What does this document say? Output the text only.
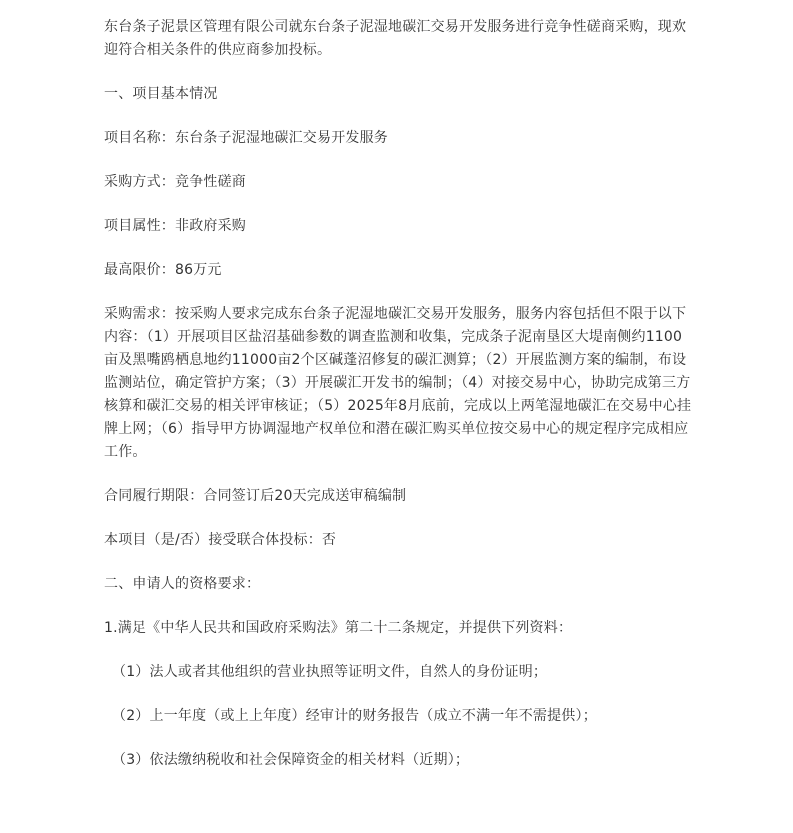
东台条子泥景区管理有限公司就东台条子泥湿地碳汇交易开发服务进行竞争性磋商采购，现欢迎符合相关条件的供应商参加投标。

一、项目基本情况

项目名称：东台条子泥湿地碳汇交易开发服务

采购方式：竞争性磋商

项目属性：非政府采购

最高限价：86万元

采购需求：按采购人要求完成东台条子泥湿地碳汇交易开发服务，服务内容包括但不限于以下内容：（1）开展项目区盐沼基础参数的调查监测和收集，完成条子泥南垦区大堤南侧约1100亩及黑嘴鸥栖息地约11000亩2个区碱蓬沼修复的碳汇测算；（2）开展监测方案的编制，布设监测站位，确定管护方案；（3）开展碳汇开发书的编制；（4）对接交易中心，协助完成第三方核算和碳汇交易的相关评审核证；（5）2025年8月底前，完成以上两笔湿地碳汇在交易中心挂牌上网；（6）指导甲方协调湿地产权单位和潜在碳汇购买单位按交易中心的规定程序完成相应工作。

合同履行期限：合同签订后20天完成送审稿编制

本项目（是/否）接受联合体投标：否

二、申请人的资格要求：

1.满足《中华人民共和国政府采购法》第二十二条规定，并提供下列资料：

（1）法人或者其他组织的营业执照等证明文件，自然人的身份证明；

（2）上一年度（或上上年度）经审计的财务报告（成立不满一年不需提供）；

（3）依法缴纳税收和社会保障资金的相关材料（近期）；
